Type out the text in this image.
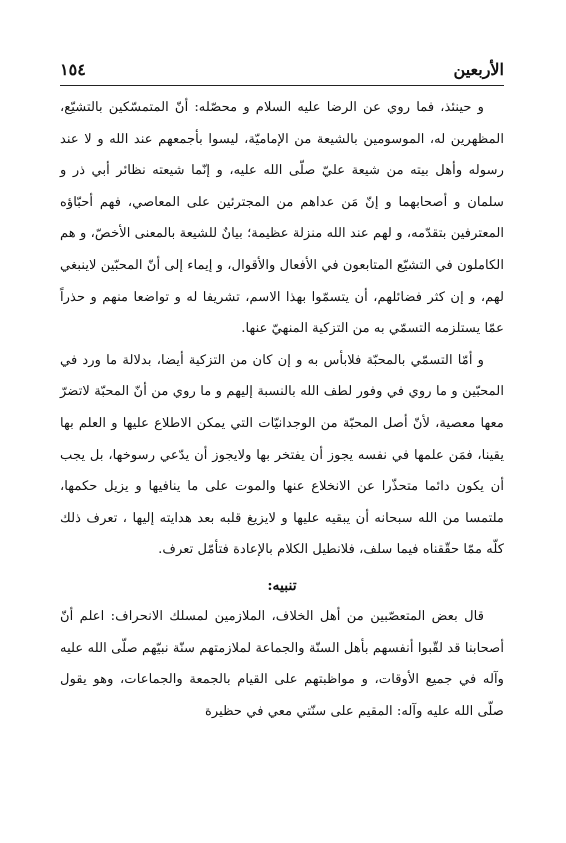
الأربعين
١٥٤

و حينئذ، فما روي عن الرضا عليه السلام و محصّله: أنّ المتمسّكين بالتشيّع، المظهرين له، الموسومين بالشيعة من الإماميّة، ليسوا بأجمعهم عند الله و لا عند رسوله وأهل بيته من شيعة عليّ صلّى الله عليه، و إنّما شيعته نظائر أبي ذر و سلمان و أصحابهما و إنّ مَن عداهم من المجترئين على المعاصي، فهم أحبّاؤه المعترفين بتقدّمه، و لهم عند الله منزلة عظيمة؛ بيانٌ للشيعة بالمعنى الأخصّ، و هم الكاملون في التشيّع المتابعون في الأفعال والأقوال، و إيماء إلى أنّ المحبّين لاينبغي لهم، و إن كثر فضائلهم، أن يتسمّوا بهذا الاسم، تشريفا له و تواضعا منهم و حذراً عمّا يستلزمه التسمّي به من التزكية المنهيّ عنها.

و أمّا التسمّي بالمحبّة فلابأس به و إن كان من التزكية أيضا، بدلالة ما ورد في المحبّين و ما روي في وفور لطف الله بالنسبة إليهم و ما روي من أنّ المحبّة لاتضرّ معها معصية، لأنّ أصل المحبّة من الوجدانيّات التي يمكن الاطلاع عليها و العلم بها يقينا، فمَن علمها في نفسه يجوز أن يفتخر بها ولايجوز أن يدّعي رسوخها، بل يجب أن يكون دائما متحذّرا عن الانخلاع عنها والموت على ما ينافيها و يزيل حكمها، ملتمسا من الله سبحانه أن يبقيه عليها و لايزيغ قلبه بعد هدايته إليها ، تعرف ذلك كلّه ممّا حقّقناه فيما سلف، فلانطيل الكلام بالإعادة فتأمّل تعرف.

تنبيه:

قال بعض المتعصّبين من أهل الخلاف، الملازمين لمسلك الانحراف: اعلم أنّ أصحابنا قد لقّبوا أنفسهم بأهل السنّة والجماعة لملازمتهم سنّة نبيّهم صلّى الله عليه وآله في جميع الأوقات، و مواظبتهم على القيام بالجمعة والجماعات، وهو يقول صلّى الله عليه وآله: المقيم على سنّتي معي في حظيرة
